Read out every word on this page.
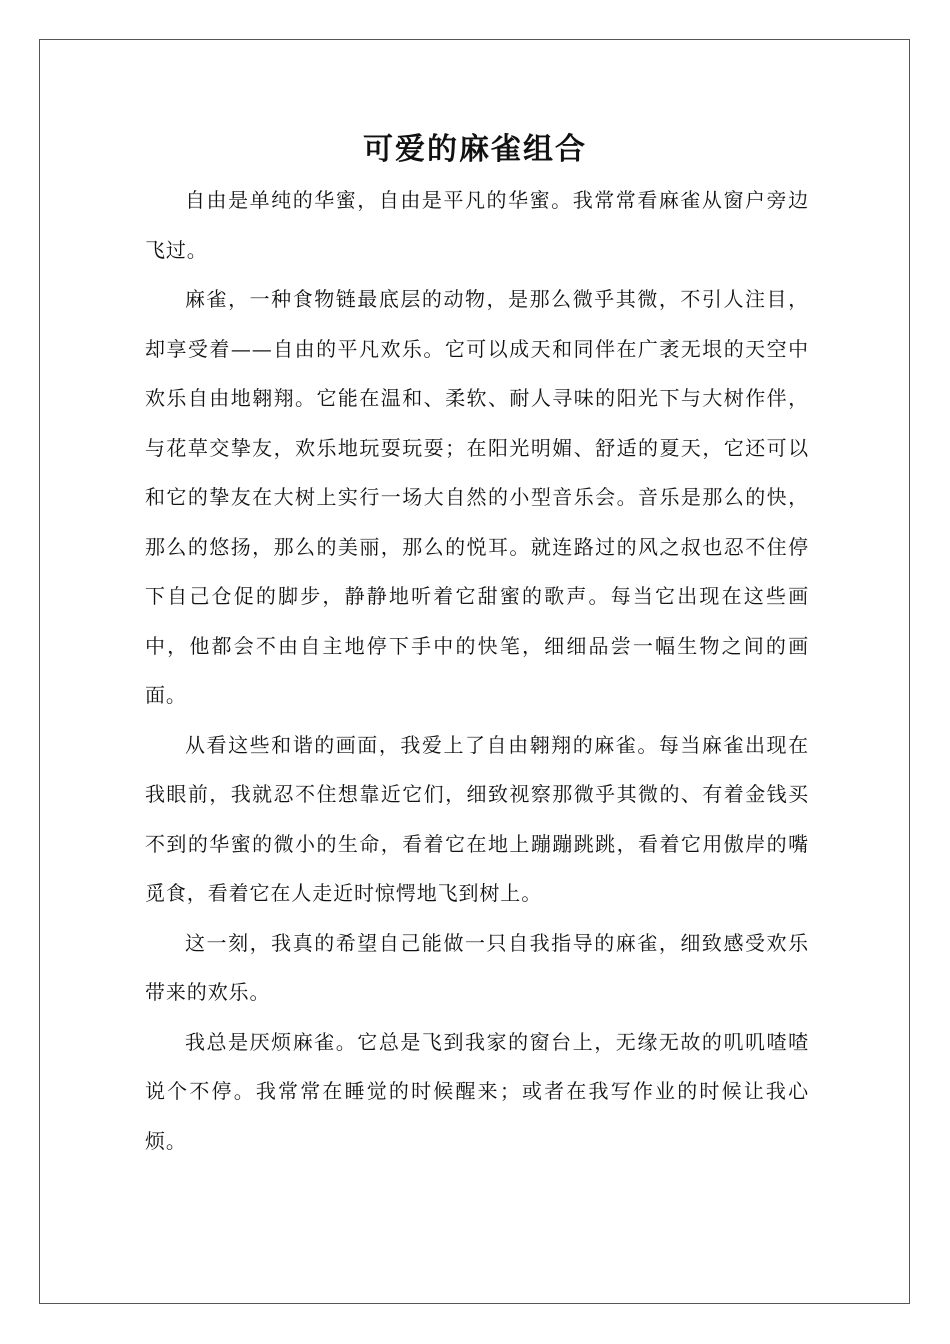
可爱的麻雀组合

自由是单纯的华蜜，自由是平凡的华蜜。我常常看麻雀从窗户旁边飞过。

麻雀，一种食物链最底层的动物，是那么微乎其微，不引人注目，却享受着——自由的平凡欢乐。它可以成天和同伴在广袤无垠的天空中欢乐自由地翱翔。它能在温和、柔软、耐人寻味的阳光下与大树作伴，与花草交挚友，欢乐地玩耍玩耍；在阳光明媚、舒适的夏天，它还可以和它的挚友在大树上实行一场大自然的小型音乐会。音乐是那么的快，那么的悠扬，那么的美丽，那么的悦耳。就连路过的风之叔也忍不住停下自己仓促的脚步，静静地听着它甜蜜的歌声。每当它出现在这些画中，他都会不由自主地停下手中的快笔，细细品尝一幅生物之间的画面。

从看这些和谐的画面，我爱上了自由翱翔的麻雀。每当麻雀出现在我眼前，我就忍不住想靠近它们，细致视察那微乎其微的、有着金钱买不到的华蜜的微小的生命，看着它在地上蹦蹦跳跳，看着它用傲岸的嘴觅食，看着它在人走近时惊愕地飞到树上。

这一刻，我真的希望自己能做一只自我指导的麻雀，细致感受欢乐带来的欢乐。

我总是厌烦麻雀。它总是飞到我家的窗台上，无缘无故的叽叽喳喳说个不停。我常常在睡觉的时候醒来；或者在我写作业的时候让我心烦。
